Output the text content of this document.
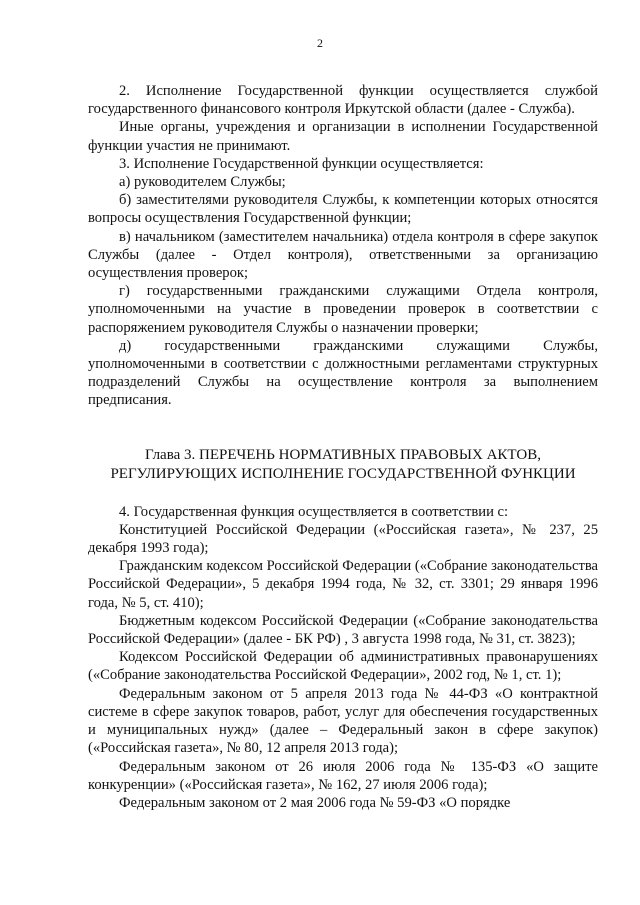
2

2. Исполнение Государственной функции осуществляется службой государственного финансового контроля Иркутской области (далее - Служба).

Иные органы, учреждения и организации в исполнении Государственной функции участия не принимают.

3. Исполнение Государственной функции осуществляется:

а) руководителем Службы;

б) заместителями руководителя Службы, к компетенции которых относятся вопросы осуществления Государственной функции;

в) начальником (заместителем начальника) отдела контроля в сфере закупок Службы (далее - Отдел контроля), ответственными за организацию осуществления проверок;

г) государственными гражданскими служащими Отдела контроля, уполномоченными на участие в проведении проверок в соответствии с распоряжением руководителя Службы о назначении проверки;

д) государственными гражданскими служащими Службы, уполномоченными в соответствии с должностными регламентами структурных подразделений Службы на осуществление контроля за выполнением предписания.

Глава 3. ПЕРЕЧЕНЬ НОРМАТИВНЫХ ПРАВОВЫХ АКТОВ,
РЕГУЛИРУЮЩИХ ИСПОЛНЕНИЕ ГОСУДАРСТВЕННОЙ ФУНКЦИИ

4. Государственная функция осуществляется в соответствии с:

Конституцией Российской Федерации («Российская газета», № 237, 25 декабря 1993 года);

Гражданским кодексом Российской Федерации («Собрание законодательства Российской Федерации», 5 декабря 1994 года, № 32, ст. 3301; 29 января 1996 года, № 5, ст. 410);

Бюджетным кодексом Российской Федерации («Собрание законодательства Российской Федерации» (далее - БК РФ) , 3 августа 1998 года, № 31, ст. 3823);

Кодексом Российской Федерации об административных правонарушениях («Собрание законодательства Российской Федерации», 2002 год, № 1, ст. 1);

Федеральным законом от 5 апреля 2013 года № 44-ФЗ «О контрактной системе в сфере закупок товаров, работ, услуг для обеспечения государственных и муниципальных нужд» (далее – Федеральный закон в сфере закупок) («Российская газета», № 80, 12 апреля 2013 года);

Федеральным законом от 26 июля 2006 года № 135-ФЗ «О защите конкуренции» («Российская газета», № 162, 27 июля 2006 года);

Федеральным законом от 2 мая 2006 года № 59-ФЗ «О порядке
